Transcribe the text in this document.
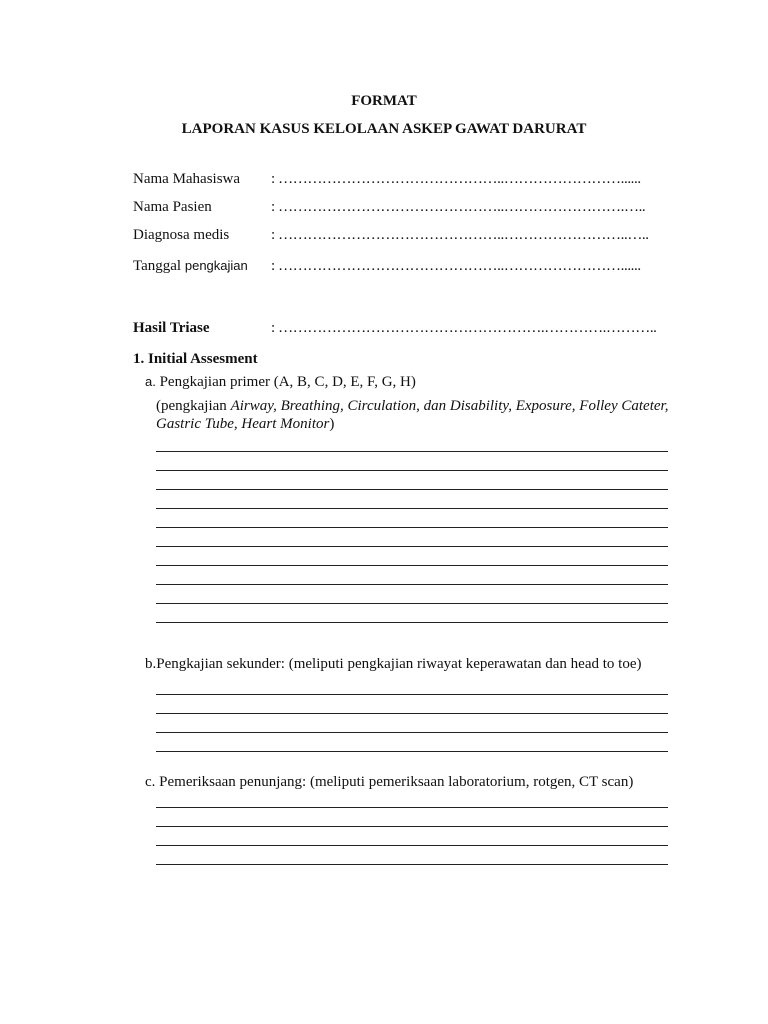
FORMAT
LAPORAN KASUS KELOLAAN ASKEP GAWAT DARURAT
Nama Mahasiswa : ………………………………………..……………………......
Nama Pasien	: ………………………………………..…………………….…..
Diagnosa medis	: ………………………………………..……………………..…..
Tanggal pengkajian : ………………………………………..……………………......
Hasil Triase	: ……………………………………………….………….………..
1. Initial Assesment
a. Pengkajian primer (A, B, C, D, E, F, G, H)
(pengkajian Airway, Breathing, Circulation, dan Disability, Exposure, Folley Cateter,
Gastric Tube, Heart Monitor)
b.Pengkajian sekunder: (meliputi pengkajian riwayat keperawatan dan head to toe)
c. Pemeriksaan penunjang: (meliputi pemeriksaan laboratorium, rotgen, CT scan)
